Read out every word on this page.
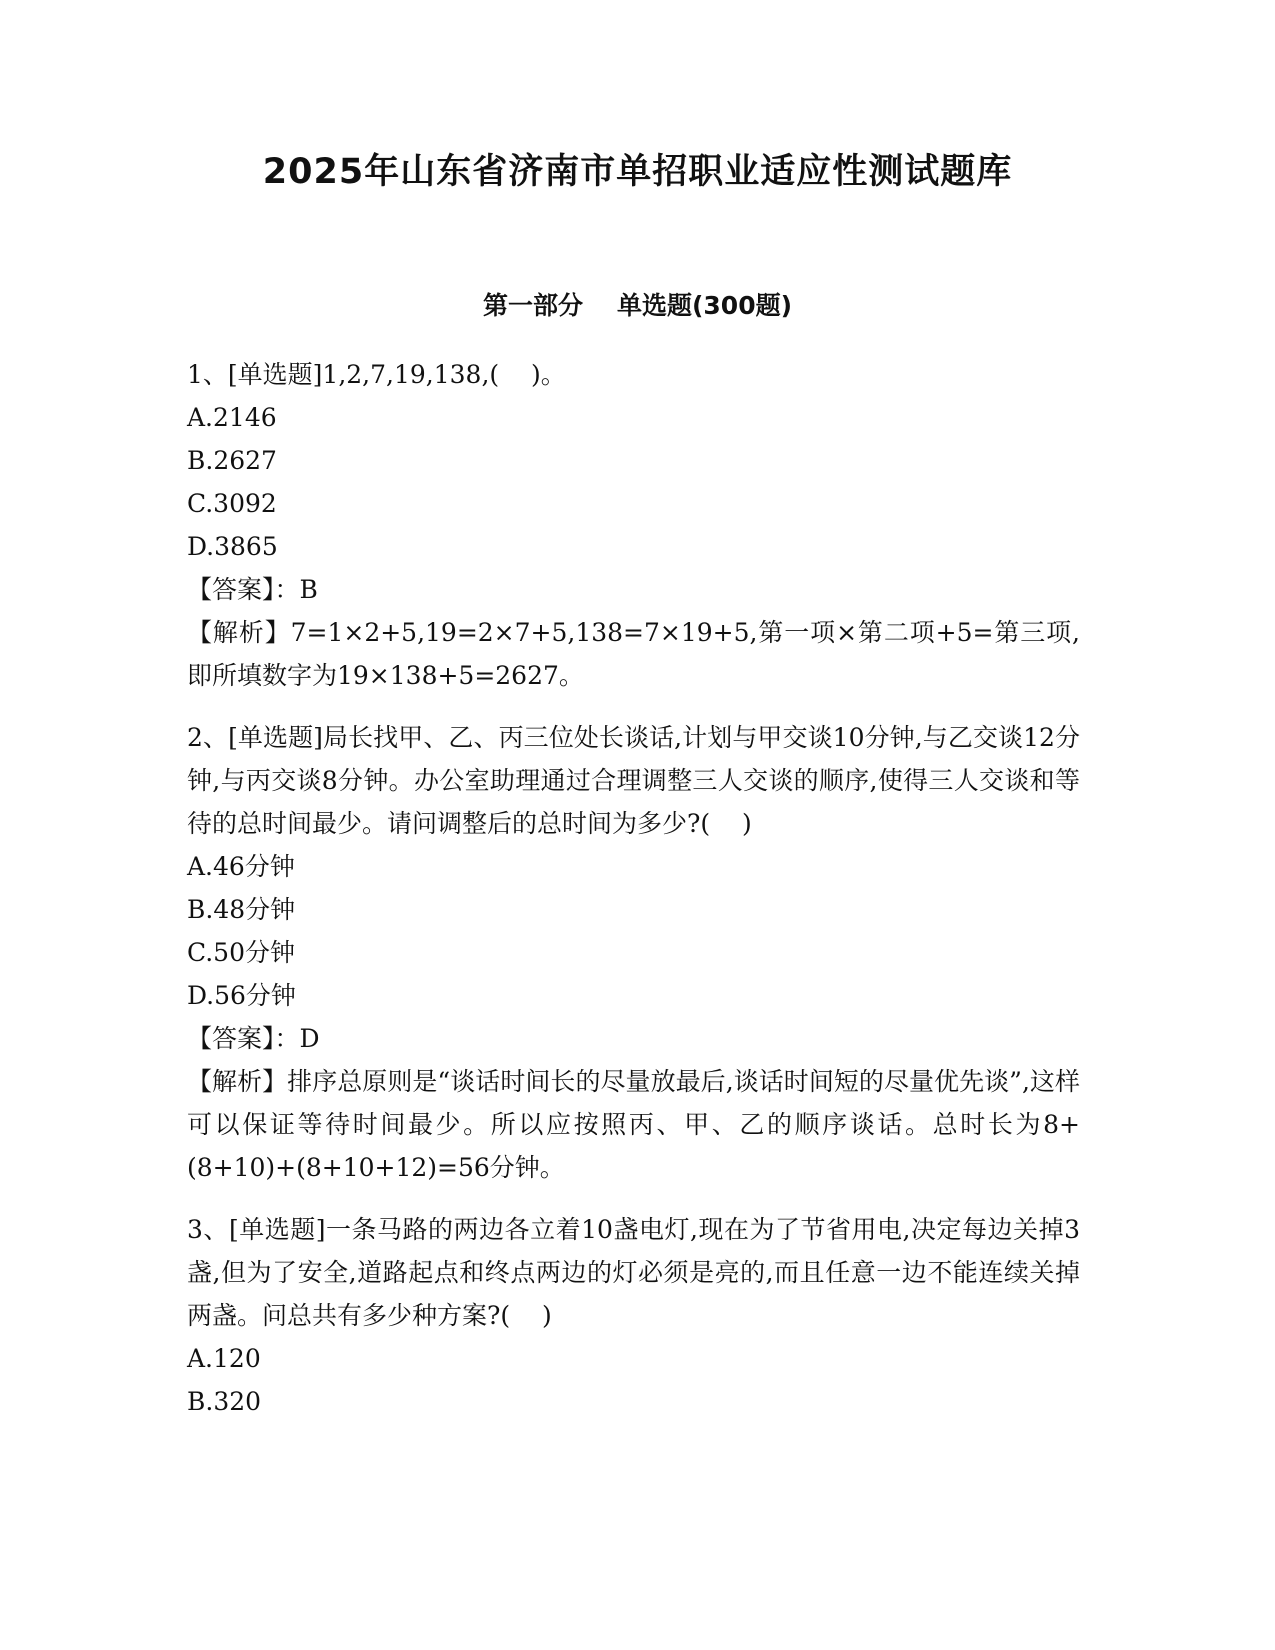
2025年山东省济南市单招职业适应性测试题库
第一部分 单选题(300题)

1、[单选题]1,2,7,19,138,(    )。

A.2146

B.2627

C.3092

D.3865

【答案】：B

【解析】7=1×2+5,19=2×7+5,138=7×19+5,第一项×第二项+5=第三项,即所填数字为19×138+5=2627。

2、[单选题]局长找甲、乙、丙三位处长谈话,计划与甲交谈10分钟,与乙交谈12分钟,与丙交谈8分钟。办公室助理通过合理调整三人交谈的顺序,使得三人交谈和等待的总时间最少。请问调整后的总时间为多少?(    )

A.46分钟

B.48分钟

C.50分钟

D.56分钟

【答案】：D

【解析】排序总原则是“谈话时间长的尽量放最后,谈话时间短的尽量优先谈”,这样可以保证等待时间最少。所以应按照丙、甲、乙的顺序谈话。总时长为8+(8+10)+(8+10+12)=56分钟。

3、[单选题]一条马路的两边各立着10盏电灯,现在为了节省用电,决定每边关掉3盏,但为了安全,道路起点和终点两边的灯必须是亮的,而且任意一边不能连续关掉两盏。问总共有多少种方案?(    )

A.120

B.320
